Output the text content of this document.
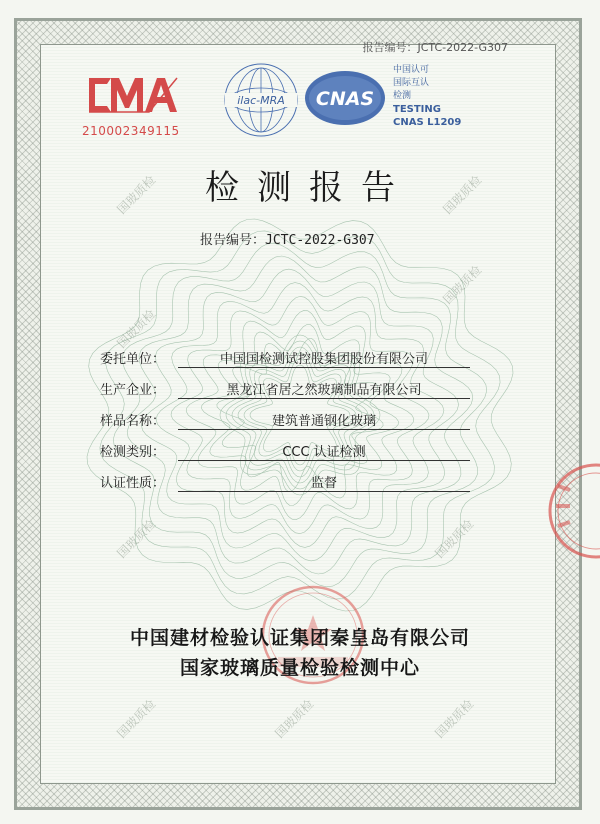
国玻质检	国玻质检
国玻质检
国玻质检
国玻质检	国玻质检
国玻质检	国玻质检
国玻质检
报告编号：JCTC-2022-G307
210002349115
ilac-MRA CNAS
中国认可
国际互认
检测
TESTING
CNAS L1209
检测报告
报告编号：JCTC-2022-G307
委托单位：	中国国检测试控股集团股份有限公司
生产企业：	黑龙江省居之然玻璃制品有限公司
样品名称：	建筑普通钢化玻璃
检测类别：	CCC 认证检测
认证性质：	监督
中国建材检验认证集团秦皇岛有限公司
国家玻璃质量检验检测中心
